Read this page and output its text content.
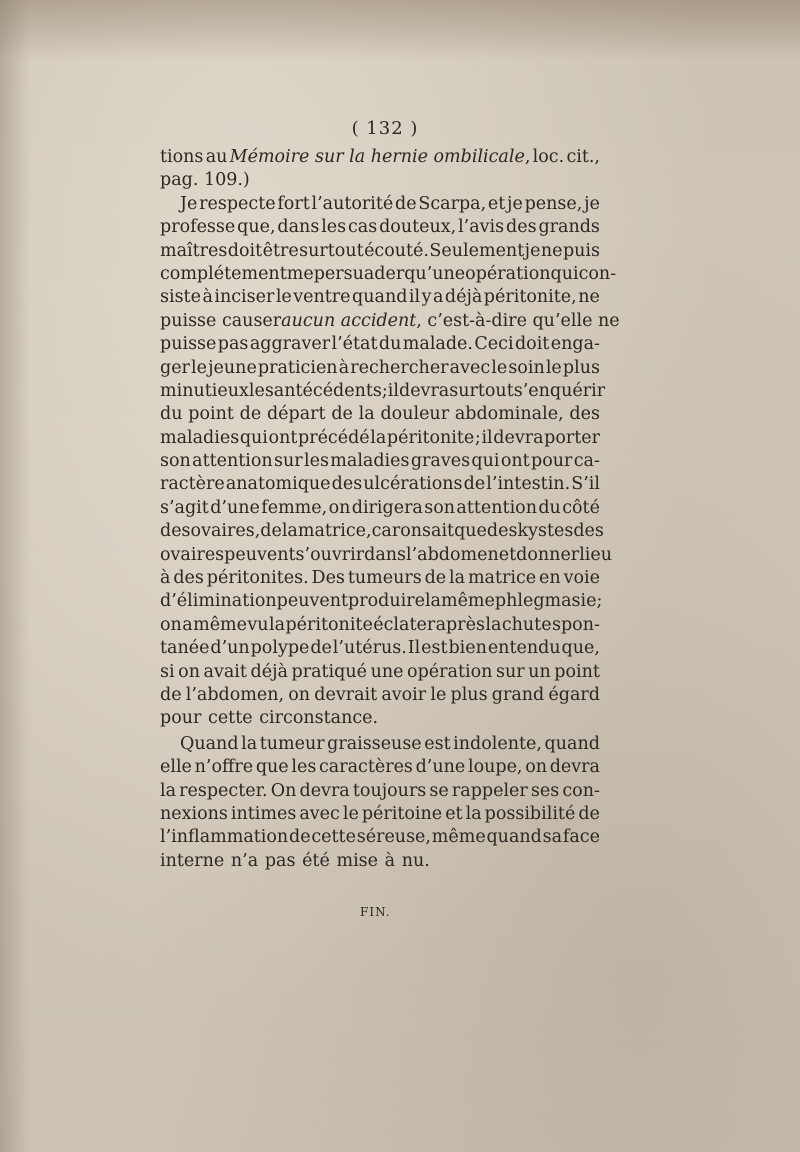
( 132 )
tions au Mémoire sur la hernie ombilicale, loc. cit.,
pag. 109.)
Je respecte fort l’autorité de Scarpa, et je pense, je
professe que, dans les cas douteux, l’avis des grands
maîtres doit être surtout écouté. Seulement je ne puis
complétement me persuader qu’une opération qui con-
siste à inciser le ventre quand il y a déjà péritonite, ne
puisse causer aucun accident, c’est-à-dire qu’elle ne
puisse pas aggraver l’état du malade. Ceci doit enga-
ger le jeune praticien à rechercher avec le soin le plus
minutieux les antécédents ; il devra surtout s’enquérir
du point de départ de la douleur abdominale, des
maladies qui ont précédé la péritonite ; il devra porter
son attention sur les maladies graves qui ont pour ca-
ractère anatomique des ulcérations de l’intestin. S’il
s’agit d’une femme, on dirigera son attention du côté
des ovaires, de la matrice, car on sait que des kystes des
ovaires peuvent s’ouvrir dans l’abdomen et donner lieu
à des péritonites. Des tumeurs de la matrice en voie
d’élimination peuvent produire la même phlegmasie ;
on a même vu la péritonite éclater après la chute spon-
tanée d’un polype de l’utérus. Il est bien entendu que,
si on avait déjà pratiqué une opération sur un point
de l’abdomen, on devrait avoir le plus grand égard
pour cette circonstance.
Quand la tumeur graisseuse est indolente, quand
elle n’offre que les caractères d’une loupe, on devra
la respecter. On devra toujours se rappeler ses con-
nexions intimes avec le péritoine et la possibilité de
l’inflammation de cette séreuse, même quand sa face
interne n’a pas été mise à nu.
FIN.
